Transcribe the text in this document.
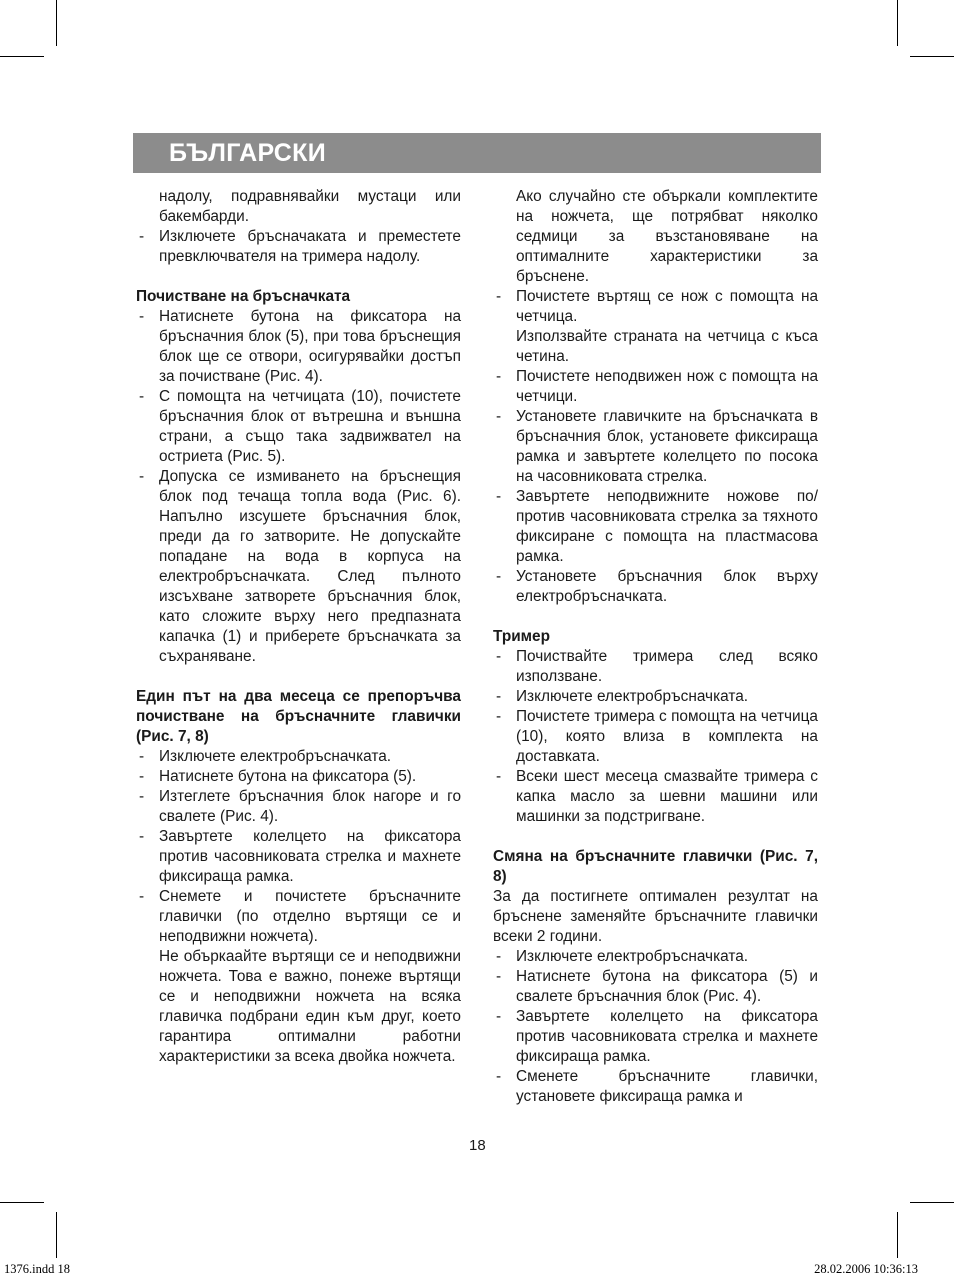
БЪЛГАРСКИ

надолу, подравнявайки мустаци или бакембарди.

- Изключете бръсначаката и преместете превключвателя на тримера надолу.

Почистване на бръсначката

- Натиснете бутона на фиксатора на бръсначния блок (5), при това бръснещия блок ще се отвори, осигурявайки достъп за почистване (Рис. 4).
- С помощта на четчицата (10), почистете бръсначния блок от вътрешна и външна страни, а също така задвижвател на остриета (Рис. 5).
- Допуска се измиването на бръснещия блок под течаща топла вода (Рис. 6). Напълно изсушете бръсначния блок, преди да го затворите. Не допускайте попадане на вода в корпуса на електробръсначката. След пълното изсъхване затворете бръсначния блок, като сложите върху него предпазната капачка (1) и приберете бръсначката за съхраняване.

Един път на два месеца се препоръчва почистване на бръсначните главички (Рис. 7, 8)

- Изключете електробръсначката.
- Натиснете бутона на фиксатора (5).
- Изтеглете бръсначния блок нагоре и го свалете (Рис. 4).
- Завъртете колелцето на фиксатора против часовниковата стрелка и махнете фиксираща рамка.
- Снемете и почистете бръсначните главички (по отделно въртящи се и неподвижни ножчета).

Не объркаайте въртящи се и неподвижни ножчета. Това е важно, понеже въртящи се и неподвижни ножчета на всяка главичка подбрани един към друг, което гарантира оптимални работни характеристики за всека двойка ножчета.

Ако случайно сте объркали комплектите на ножчета, ще потрябват няколко седмици за възстановяване на оптималните характеристики за бръснене.

- Почистете въртящ се нож с помощта на четчица.

Използвайте страната на четчица с къса четина.

- Почистете неподвижен нож с помощта на четчици.
- Установете главичките на бръсначката в бръсначния блок, установете фиксираща рамка и завъртете колелцето по посока на часовниковата стрелка.
- Завъртете неподвижните ножове по/против часовниковата стрелка за тяхното фиксиране с помощта на пластмасова рамка.
- Установете бръсначния блок върху електробръсначката.

Тример

- Почиствайте тримера след всяко използване.
- Изключете електробръсначката.
- Почистете тримера с помощта на четчица (10), която влиза в комплекта на доставката.
- Всеки шест месеца смазвайте тримера с капка масло за шевни машини или машинки за подстригване.

Смяна на бръсначните главички (Рис. 7, 8)

За да постигнете оптимален резултат на бръснене заменяйте бръсначните главички всеки 2 години.

- Изключете електробръсначката.
- Натиснете бутона на фиксатора (5) и свалете бръсначния блок (Рис. 4).
- Завъртете колелцето на фиксатора против часовниковата стрелка и махнете фиксираща рамка.
- Сменете бръсначните главички, установете фиксираща рамка и
18
1376.indd 18	28.02.2006 10:36:13
